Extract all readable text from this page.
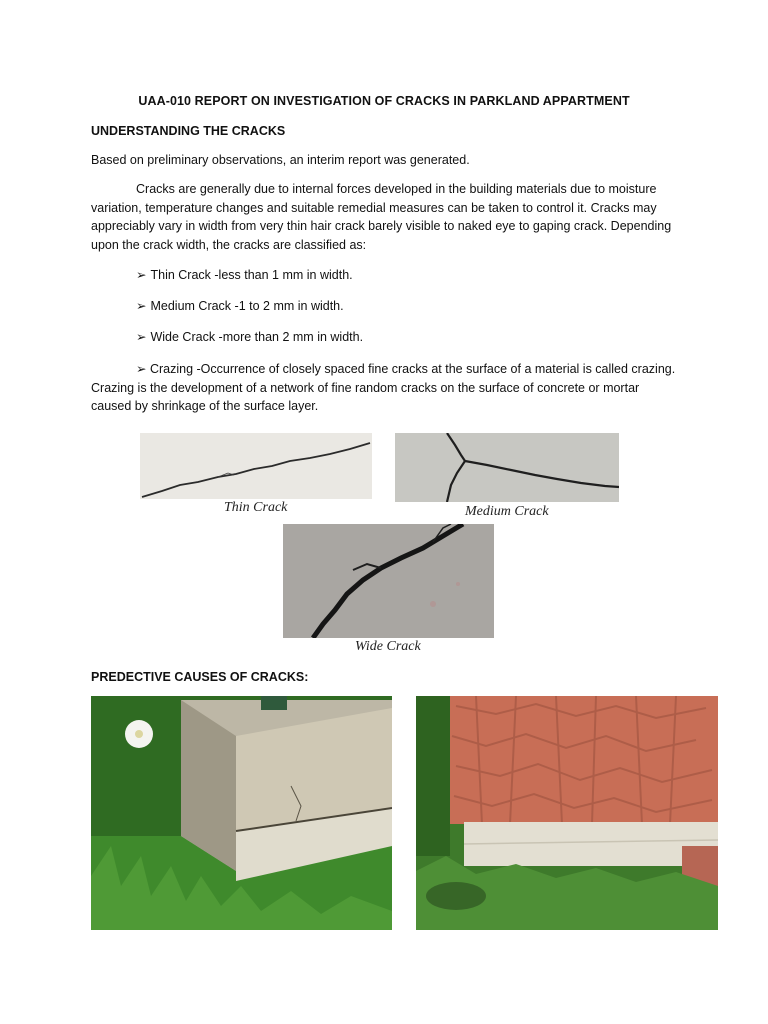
UAA-010 REPORT ON INVESTIGATION OF CRACKS IN PARKLAND APPARTMENT
UNDERSTANDING THE CRACKS
Based on preliminary observations, an interim report was generated.
Cracks are generally due to internal forces developed in the building materials due to moisture variation, temperature changes and suitable remedial measures can be taken to control it. Cracks may appreciably vary in width from very thin hair crack barely visible to naked eye to gaping crack. Depending upon the crack width, the cracks are classified as:
➢ Thin Crack -less than 1 mm in width.
➢ Medium Crack -1 to 2 mm in width.
➢ Wide Crack -more than 2 mm in width.
➢ Crazing -Occurrence of closely spaced fine cracks at the surface of a material is called crazing. Crazing is the development of a network of fine random cracks on the surface of concrete or mortar caused by shrinkage of the surface layer.
Thin Crack	Medium Crack
Wide Crack
PREDECTIVE CAUSES OF CRACKS:
